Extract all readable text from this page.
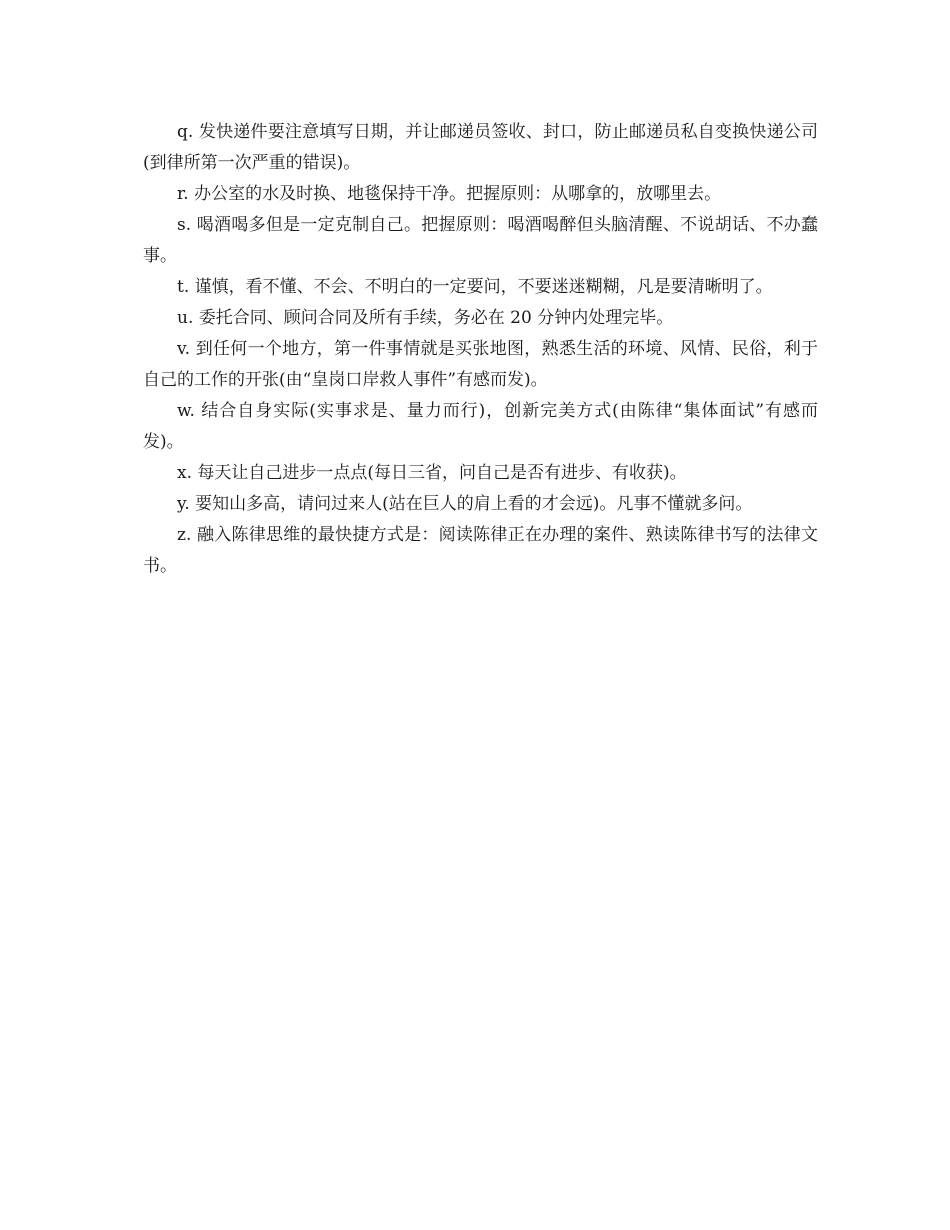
q. 发快递件要注意填写日期，并让邮递员签收、封口，防止邮递员私自变换快递公司(到律所第一次严重的错误)。

r. 办公室的水及时换、地毯保持干净。把握原则：从哪拿的，放哪里去。

s. 喝酒喝多但是一定克制自己。把握原则：喝酒喝醉但头脑清醒、不说胡话、不办蠢事。

t. 谨慎，看不懂、不会、不明白的一定要问，不要迷迷糊糊，凡是要清晰明了。

u. 委托合同、顾问合同及所有手续，务必在 20 分钟内处理完毕。

v. 到任何一个地方，第一件事情就是买张地图，熟悉生活的环境、风情、民俗，利于自己的工作的开张(由“皇岗口岸救人事件”有感而发)。

w. 结合自身实际(实事求是、量力而行)，创新完美方式(由陈律“集体面试”有感而发)。

x. 每天让自己进步一点点(每日三省，问自己是否有进步、有收获)。

y. 要知山多高，请问过来人(站在巨人的肩上看的才会远)。凡事不懂就多问。

z. 融入陈律思维的最快捷方式是：阅读陈律正在办理的案件、熟读陈律书写的法律文书。
